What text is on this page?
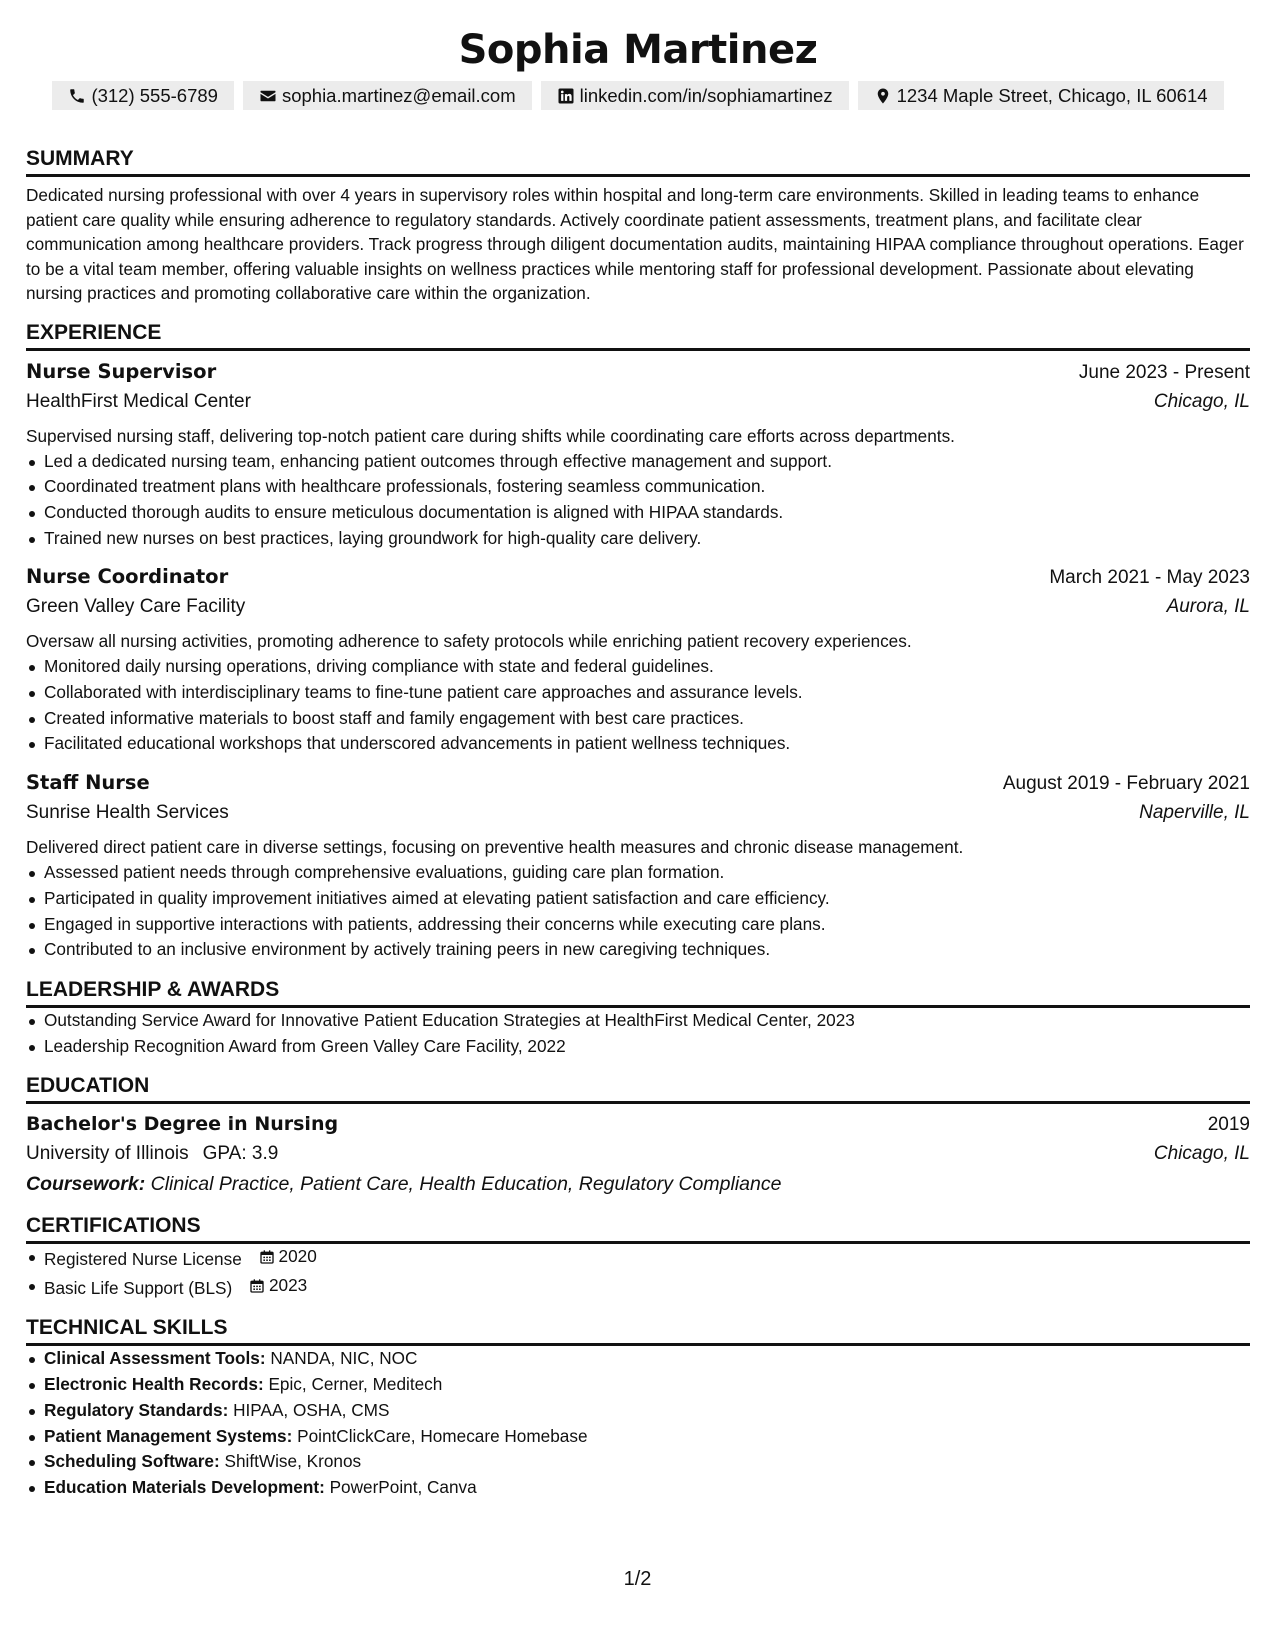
Sophia Martinez
(312) 555-6789	sophia.martinez@email.com	linkedin.com/in/sophiamartinez	1234 Maple Street, Chicago, IL 60614
SUMMARY
Dedicated nursing professional with over 4 years in supervisory roles within hospital and long-term care environments. Skilled in leading teams to enhance patient care quality while ensuring adherence to regulatory standards. Actively coordinate patient assessments, treatment plans, and facilitate clear communication among healthcare providers. Track progress through diligent documentation audits, maintaining HIPAA compliance throughout operations. Eager to be a vital team member, offering valuable insights on wellness practices while mentoring staff for professional development. Passionate about elevating nursing practices and promoting collaborative care within the organization.
EXPERIENCE
Nurse Supervisor	June 2023 - Present
HealthFirst Medical Center	Chicago, IL
Supervised nursing staff, delivering top-notch patient care during shifts while coordinating care efforts across departments.
Led a dedicated nursing team, enhancing patient outcomes through effective management and support.
Coordinated treatment plans with healthcare professionals, fostering seamless communication.
Conducted thorough audits to ensure meticulous documentation is aligned with HIPAA standards.
Trained new nurses on best practices, laying groundwork for high-quality care delivery.
Nurse Coordinator	March 2021 - May 2023
Green Valley Care Facility	Aurora, IL
Oversaw all nursing activities, promoting adherence to safety protocols while enriching patient recovery experiences.
Monitored daily nursing operations, driving compliance with state and federal guidelines.
Collaborated with interdisciplinary teams to fine-tune patient care approaches and assurance levels.
Created informative materials to boost staff and family engagement with best care practices.
Facilitated educational workshops that underscored advancements in patient wellness techniques.
Staff Nurse	August 2019 - February 2021
Sunrise Health Services	Naperville, IL
Delivered direct patient care in diverse settings, focusing on preventive health measures and chronic disease management.
Assessed patient needs through comprehensive evaluations, guiding care plan formation.
Participated in quality improvement initiatives aimed at elevating patient satisfaction and care efficiency.
Engaged in supportive interactions with patients, addressing their concerns while executing care plans.
Contributed to an inclusive environment by actively training peers in new caregiving techniques.
LEADERSHIP & AWARDS
Outstanding Service Award for Innovative Patient Education Strategies at HealthFirst Medical Center, 2023
Leadership Recognition Award from Green Valley Care Facility, 2022
EDUCATION
Bachelor's Degree in Nursing	2019
University of Illinois GPA: 3.9	Chicago, IL
Coursework: Clinical Practice, Patient Care, Health Education, Regulatory Compliance
CERTIFICATIONS
Registered Nurse License 2020
Basic Life Support (BLS) 2023
TECHNICAL SKILLS
Clinical Assessment Tools: NANDA, NIC, NOC
Electronic Health Records: Epic, Cerner, Meditech
Regulatory Standards: HIPAA, OSHA, CMS
Patient Management Systems: PointClickCare, Homecare Homebase
Scheduling Software: ShiftWise, Kronos
Education Materials Development: PowerPoint, Canva
1/2
